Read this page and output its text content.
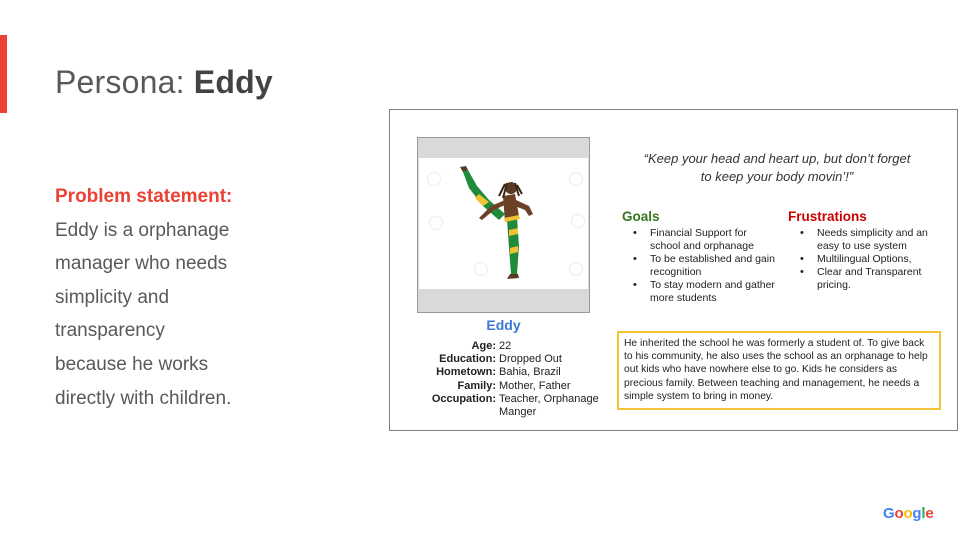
Persona: Eddy
Problem statement:
Eddy is a orphanage
manager who needs
simplicity and
transparency
because he works
directly with children.
Eddy
Age: 22
Education: Dropped Out
Hometown: Bahia, Brazil
Family: Mother, Father
Occupation: Teacher, Orphanage Manger
“Keep your head and heart up, but don’t forget
to keep your body movin’!”
Goals
• Financial Support for school and orphanage
• To be established and gain recognition
• To stay modern and gather more students
Frustrations
• Needs simplicity and an easy to use system
• Multilingual Options,
• Clear and Transparent pricing.
He inherited the school he was formerly a student of. To give back to his community, he also uses the school as an orphanage to help out kids who have nowhere else to go. Kids he considers as precious family. Between teaching and management, he needs a simple system to bring in money.
Google
